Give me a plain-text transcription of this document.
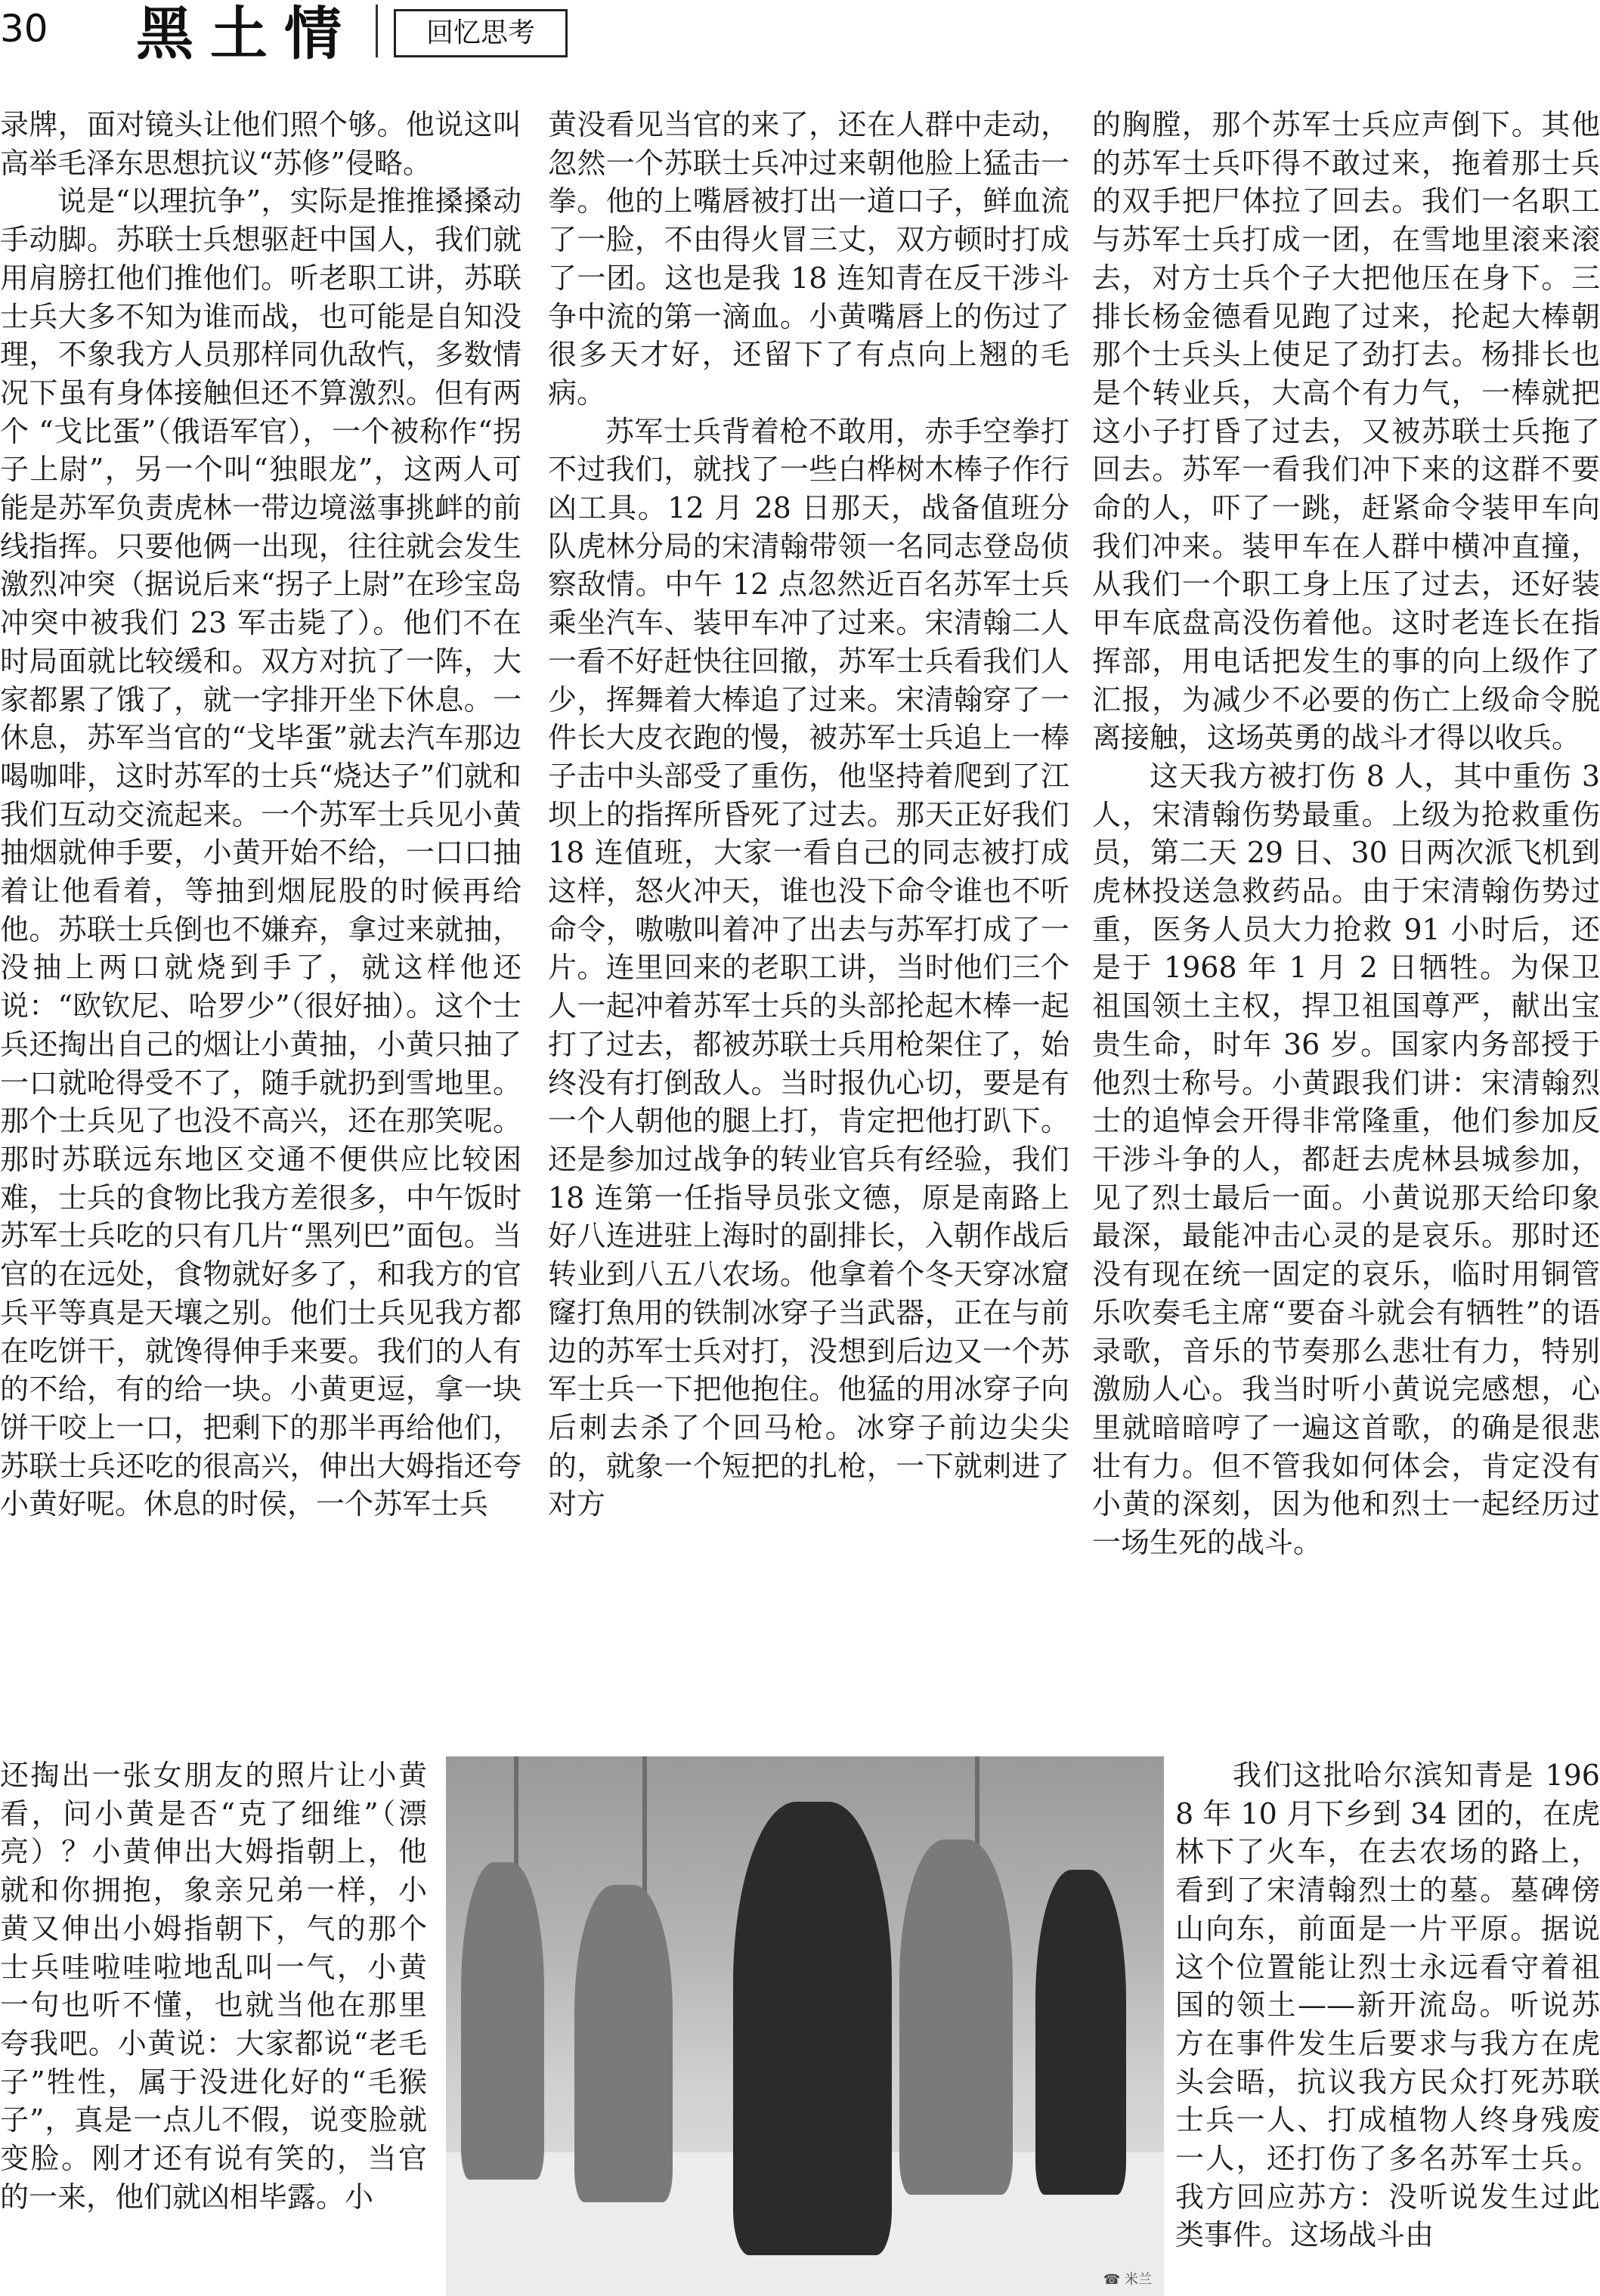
30 黑土情	回忆思考

录牌，面对镜头让他们照个够。他说这叫高举毛泽东思想抗议“苏修”侵略。

说是“以理抗争”，实际是推推搡搡动手动脚。苏联士兵想驱赶中国人，我们就用肩膀扛他们推他们。听老职工讲，苏联士兵大多不知为谁而战，也可能是自知没理，不象我方人员那样同仇敌忾，多数情况下虽有身体接触但还不算激烈。但有两个 “戈比蛋”（俄语军官），一个被称作“拐子上尉”，另一个叫“独眼龙”，这两人可能是苏军负责虎林一带边境滋事挑衅的前线指挥。只要他俩一出现，往往就会发生激烈冲突（据说后来“拐子上尉”在珍宝岛冲突中被我们 23 军击毙了）。他们不在时局面就比较缓和。双方对抗了一阵，大家都累了饿了，就一字排开坐下休息。一休息，苏军当官的“戈毕蛋”就去汽车那边喝咖啡，这时苏军的士兵“烧达子”们就和我们互动交流起来。一个苏军士兵见小黄抽烟就伸手要，小黄开始不给，一口口抽着让他看着，等抽到烟屁股的时候再给他。苏联士兵倒也不嫌弃，拿过来就抽，没抽上两口就烧到手了，就这样他还说：“欧钦尼、哈罗少”（很好抽）。这个士兵还掏出自己的烟让小黄抽，小黄只抽了一口就呛得受不了，随手就扔到雪地里。那个士兵见了也没不高兴，还在那笑呢。那时苏联远东地区交通不便供应比较困难，士兵的食物比我方差很多，中午饭时苏军士兵吃的只有几片“黑列巴”面包。当官的在远处，食物就好多了，和我方的官兵平等真是天壤之别。他们士兵见我方都在吃饼干，就馋得伸手来要。我们的人有的不给，有的给一块。小黄更逗，拿一块饼干咬上一口，把剩下的那半再给他们，苏联士兵还吃的很高兴，伸出大姆指还夸小黄好呢。休息的时侯，一个苏军士兵

还掏出一张女朋友的照片让小黄看，问小黄是否“克了细维”（漂亮）？小黄伸出大姆指朝上，他就和你拥抱，象亲兄弟一样，小黄又伸出小姆指朝下，气的那个士兵哇啦哇啦地乱叫一气，小黄一句也听不懂，也就当他在那里夸我吧。小黄说：大家都说“老毛子”牲性，属于没进化好的“毛猴子”，真是一点儿不假，说变脸就变脸。刚才还有说有笑的，当官的一来，他们就凶相毕露。小

黄没看见当官的来了，还在人群中走动，忽然一个苏联士兵冲过来朝他脸上猛击一拳。他的上嘴唇被打出一道口子，鲜血流了一脸，不由得火冒三丈，双方顿时打成了一团。这也是我 18 连知青在反干涉斗争中流的第一滴血。小黄嘴唇上的伤过了很多天才好，还留下了有点向上翘的毛病。

苏军士兵背着枪不敢用，赤手空拳打不过我们，就找了一些白桦树木棒子作行凶工具。12 月 28 日那天，战备值班分队虎林分局的宋清翰带领一名同志登岛侦察敌情。中午 12 点忽然近百名苏军士兵乘坐汽车、装甲车冲了过来。宋清翰二人一看不好赶快往回撤，苏军士兵看我们人少，挥舞着大棒追了过来。宋清翰穿了一件长大皮衣跑的慢，被苏军士兵追上一棒子击中头部受了重伤，他坚持着爬到了江坝上的指挥所昏死了过去。那天正好我们 18 连值班，大家一看自己的同志被打成这样，怒火冲天，谁也没下命令谁也不听命令，嗷嗷叫着冲了出去与苏军打成了一片。连里回来的老职工讲，当时他们三个人一起冲着苏军士兵的头部抡起木棒一起打了过去，都被苏联士兵用枪架住了，始终没有打倒敌人。当时报仇心切，要是有一个人朝他的腿上打，肯定把他打趴下。还是参加过战争的转业官兵有经验，我们 18 连第一任指导员张文德，原是南路上好八连进驻上海时的副排长，入朝作战后转业到八五八农场。他拿着个冬天穿冰窟窿打魚用的铁制冰穿子当武器，正在与前边的苏军士兵对打，没想到后边又一个苏军士兵一下把他抱住。他猛的用冰穿子向后刺去杀了个回马枪。冰穿子前边尖尖的，就象一个短把的扎枪，一下就刺进了对方

的胸膛，那个苏军士兵应声倒下。其他的苏军士兵吓得不敢过来，拖着那士兵的双手把尸体拉了回去。我们一名职工与苏军士兵打成一团，在雪地里滚来滚去，对方士兵个子大把他压在身下。三排长杨金德看见跑了过来，抡起大棒朝那个士兵头上使足了劲打去。杨排长也是个转业兵，大高个有力气，一棒就把这小子打昏了过去，又被苏联士兵拖了回去。苏军一看我们冲下来的这群不要命的人，吓了一跳，赶紧命令装甲车向我们冲来。装甲车在人群中横冲直撞，从我们一个职工身上压了过去，还好装甲车底盘高没伤着他。这时老连长在指挥部，用电话把发生的事的向上级作了汇报，为减少不必要的伤亡上级命令脱离接触，这场英勇的战斗才得以收兵。

这天我方被打伤 8 人，其中重伤 3 人，宋清翰伤势最重。上级为抢救重伤员，第二天 29 日、30 日两次派飞机到虎林投送急救药品。由于宋清翰伤势过重，医务人员大力抢救 91 小时后，还是于 1968 年 1 月 2 日牺牲。为保卫祖国领土主权，捍卫祖国尊严，献出宝贵生命，时年 36 岁。国家内务部授于他烈士称号。小黄跟我们讲：宋清翰烈士的追悼会开得非常隆重，他们参加反干涉斗争的人，都赶去虎林县城参加，见了烈士最后一面。小黄说那天给印象最深，最能冲击心灵的是哀乐。那时还没有现在统一固定的哀乐，临时用铜管乐吹奏毛主席“要奋斗就会有牺牲”的语录歌，音乐的节奏那么悲壮有力，特别激励人心。我当时听小黄说完感想，心里就暗暗哼了一遍这首歌，的确是很悲壮有力。但不管我如何体会，肯定没有小黄的深刻，因为他和烈士一起经历过一场生死的战斗。

我们这批哈尔滨知青是 1968 年 10 月下乡到 34 团的，在虎林下了火车，在去农场的路上，看到了宋清翰烈士的墓。墓碑傍山向东，前面是一片平原。据说这个位置能让烈士永远看守着祖国的领土——新开流岛。听说苏方在事件发生后要求与我方在虎头会晤，抗议我方民众打死苏联士兵一人、打成植物人终身残废一人，还打伤了多名苏军士兵。我方回应苏方：没听说发生过此类事件。这场战斗由

☎ 米兰
